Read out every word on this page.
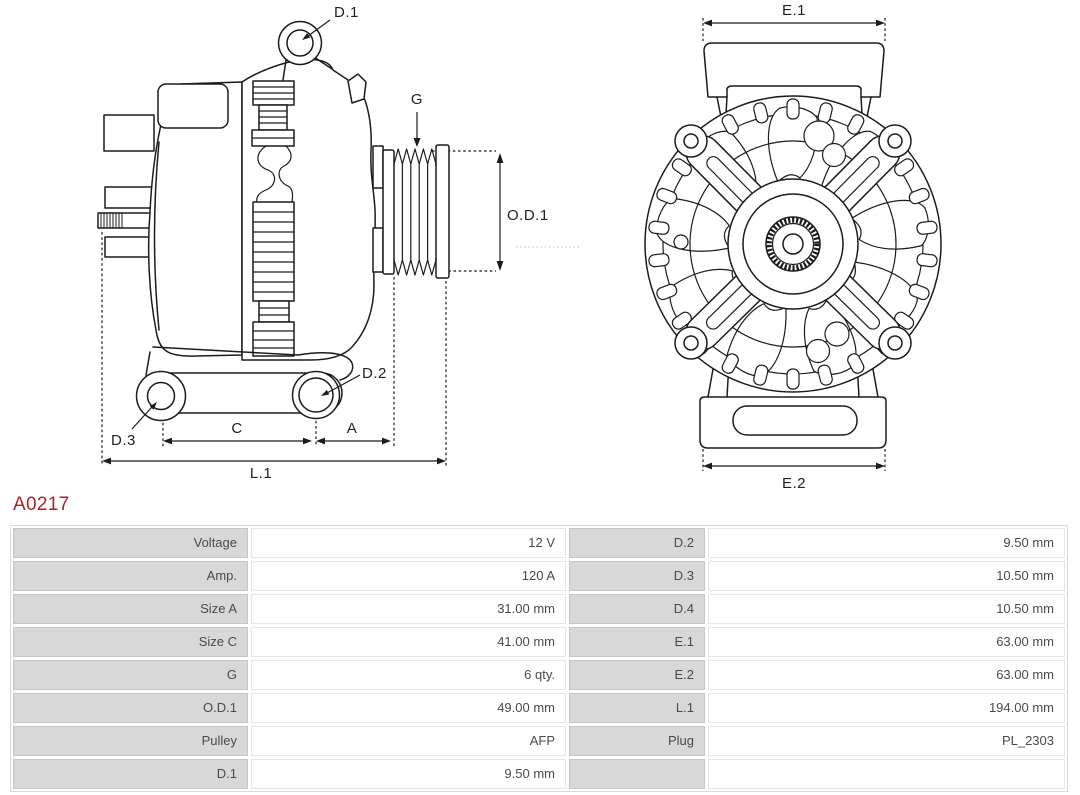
D.1
G
O.D.1
D.3
D.2
C	A
L.1
E.1
E.2
A0217
Voltage	12 V	D.2	9.50 mm
Amp.	120 A	D.3	10.50 mm
Size A	31.00 mm	D.4	10.50 mm
Size C	41.00 mm	E.1	63.00 mm
G	6 qty.	E.2	63.00 mm
O.D.1	49.00 mm	L.1	194.00 mm
Pulley	AFP	Plug	PL_2303
D.1	9.50 mm
